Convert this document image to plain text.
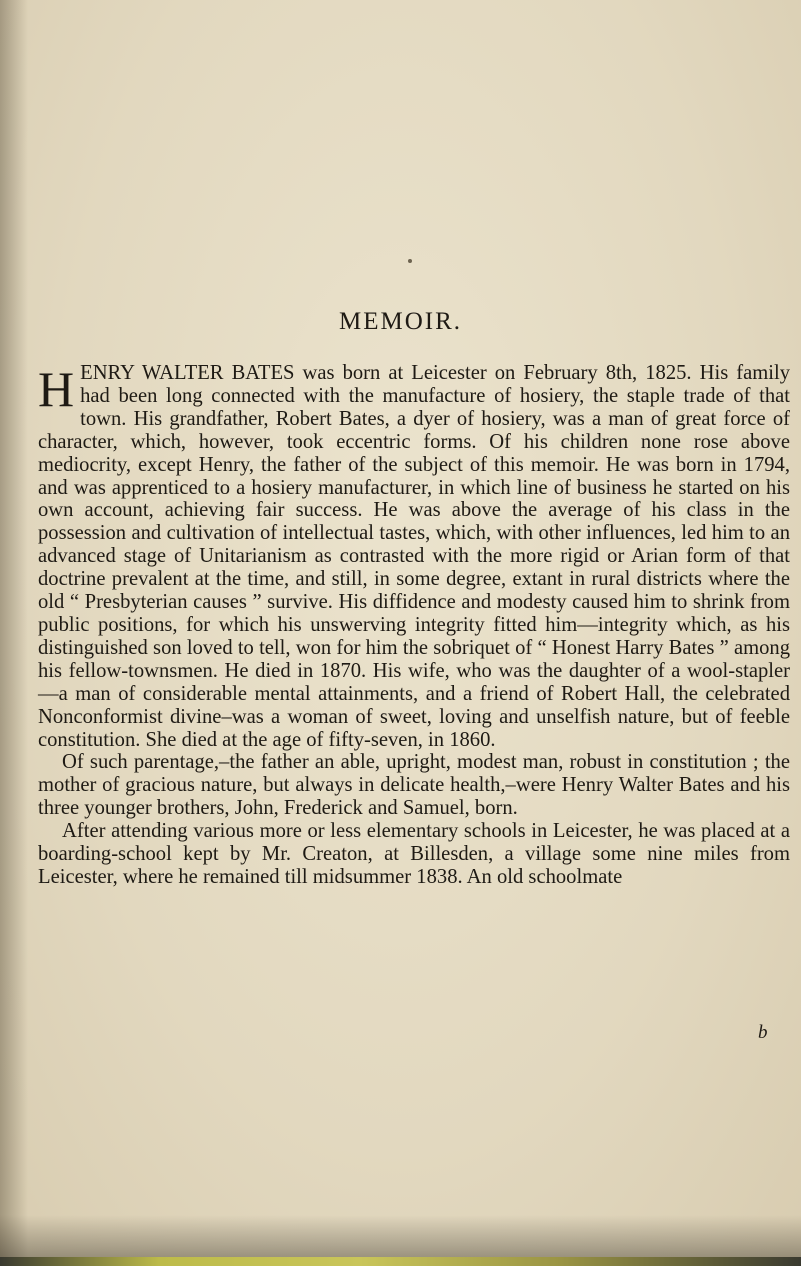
MEMOIR.

HENRY WALTER BATES was born at Leicester on February 8th, 1825. His family had been long connected with the manufacture of hosiery, the staple trade of that town. His grandfather, Robert Bates, a dyer of hosiery, was a man of great force of character, which, however, took eccentric forms. Of his children none rose above mediocrity, except Henry, the father of the subject of this memoir. He was born in 1794, and was apprenticed to a hosiery manufacturer, in which line of business he started on his own account, achieving fair success. He was above the average of his class in the possession and cultivation of intellectual tastes, which, with other influences, led him to an advanced stage of Unitarianism as contrasted with the more rigid or Arian form of that doctrine prevalent at the time, and still, in some degree, extant in rural districts where the old “ Presbyterian causes ” survive. His diffidence and modesty caused him to shrink from public positions, for which his unswerving integrity fitted him—integrity which, as his distinguished son loved to tell, won for him the sobriquet of “ Honest Harry Bates ” among his fellow-townsmen. He died in 1870. His wife, who was the daughter of a wool-stapler—a man of considerable mental attainments, and a friend of Robert Hall, the celebrated Nonconformist divine–was a woman of sweet, loving and unselfish nature, but of feeble constitution. She died at the age of fifty-seven, in 1860.

Of such parentage,–the father an able, upright, modest man, robust in constitution ; the mother of gracious nature, but always in delicate health,–were Henry Walter Bates and his three younger brothers, John, Frederick and Samuel, born.

After attending various more or less elementary schools in Leicester, he was placed at a boarding-school kept by Mr. Creaton, at Billesden, a village some nine miles from Leicester, where he remained till midsummer 1838. An old schoolmate

b
